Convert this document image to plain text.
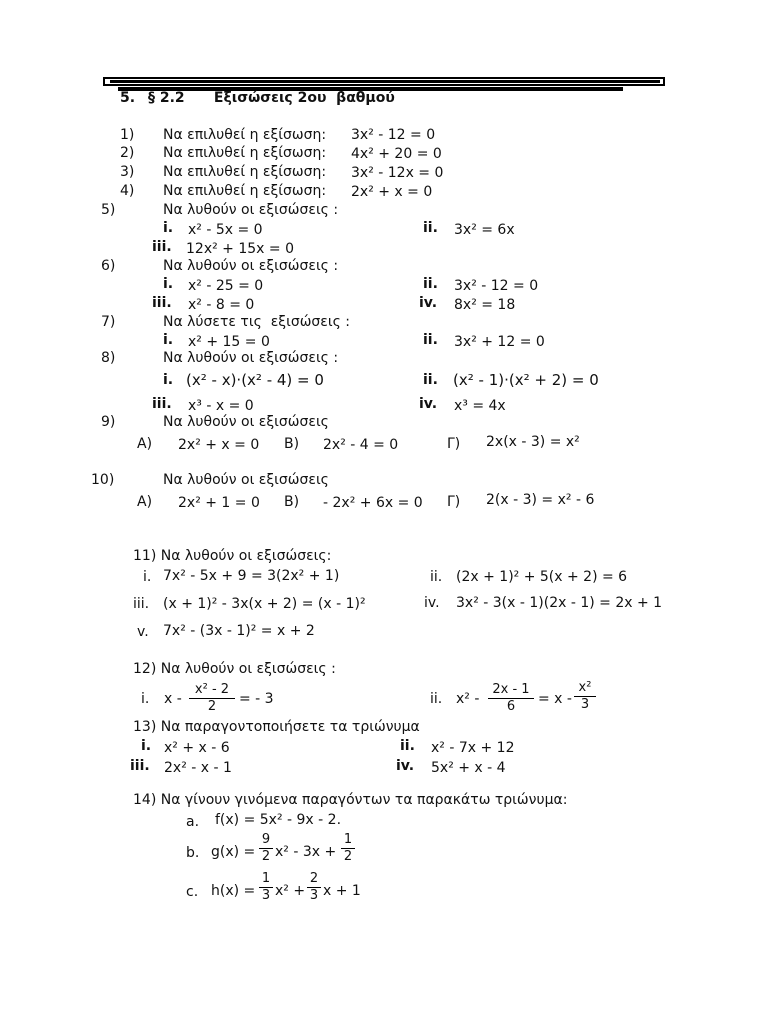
5. § 2.2      Εξισώσεις 2ου  βαθμού
1) Να επιλυθεί η εξίσωση: 3x² - 12 = 0
2) Να επιλυθεί η εξίσωση: 4x² + 20 = 0
3) Να επιλυθεί η εξίσωση: 3x² - 12x = 0
4) Να επιλυθεί η εξίσωση: 2x² + x = 0
5)	Να λυθούν οι εξισώσεις :
i. x² - 5x = 0	ii. 3x² = 6x
iii. 12x² + 15x = 0
6)	Να λυθούν οι εξισώσεις :
i. x² - 25 = 0	ii. 3x² - 12 = 0
iii. x² - 8 = 0	iv. 8x² = 18
7)	Να λύσετε τις  εξισώσεις :
i. x² + 15 = 0	ii. 3x² + 12 = 0
8)	Να λυθούν οι εξισώσεις :
i. (x² - x)·(x² - 4) = 0	ii. (x² - 1)·(x² + 2) = 0
iii. x³ - x = 0	iv. x³ = 4x
9)	Να λυθούν οι εξισώσεις
Α) 2x² + x = 0 Β) 2x² - 4 = 0	Γ) 2x(x - 3) = x²
10)	Να λυθούν οι εξισώσεις
Α) 2x² + 1 = 0 Β) - 2x² + 6x = 0 Γ) 2(x - 3) = x² - 6
11) Να λυθούν οι εξισώσεις:
i. 7x² - 5x + 9 = 3(2x² + 1)	ii. (2x + 1)² + 5(x + 2) = 6
iii. (x + 1)² - 3x(x + 2) = (x - 1)²	iv. 3x² - 3(x - 1)(2x - 1) = 2x + 1
v. 7x² - (3x - 1)² = x + 2
12) Να λυθούν οι εξισώσεις :
i. x -
x² - 2
2	= - 3	ii. x² -
2x - 1
6	= x -
x²
3
13) Να παραγοντοποιήσετε τα τριώνυμα
i. x² + x - 6	ii. x² - 7x + 12
iii. 2x² - x - 1	iv. 5x² + x - 4
14) Να γίνουν γινόμενα παραγόντων τα παρακάτω τριώνυμα:
a. f(x) = 5x² - 9x - 2.
b. g(x) =
9
2 x² - 3x +
1
2
c. h(x) =
1
3 x² +
2
3 x + 1
